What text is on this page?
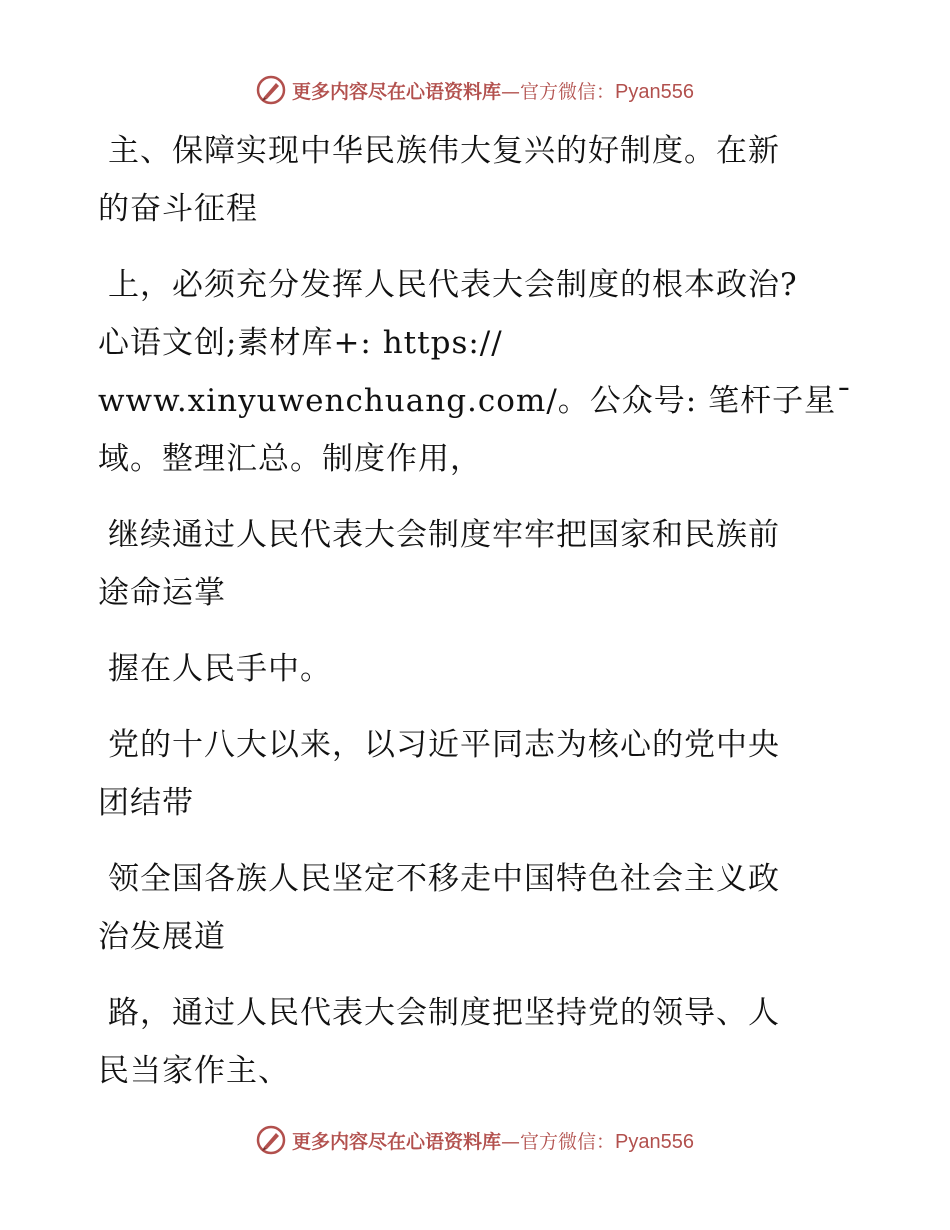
更多内容尽在心语资料库—官方微信：Pyan556
主、保障实现中华民族伟大复兴的好制度。在新
的奋斗征程
上，必须充分发挥人民代表大会制度的根本政治?
心语文创;素材库+: https://
www.xinyuwenchuang.com/。公众号: 笔杆子星¯
域。整理汇总。制度作用，
继续通过人民代表大会制度牢牢把国家和民族前
途命运掌
握在人民手中。
党的十八大以来，以习近平同志为核心的党中央
团结带
领全国各族人民坚定不移走中国特色社会主义政
治发展道
路，通过人民代表大会制度把坚持党的领导、人
民当家作主、
更多内容尽在心语资料库—官方微信：Pyan556
